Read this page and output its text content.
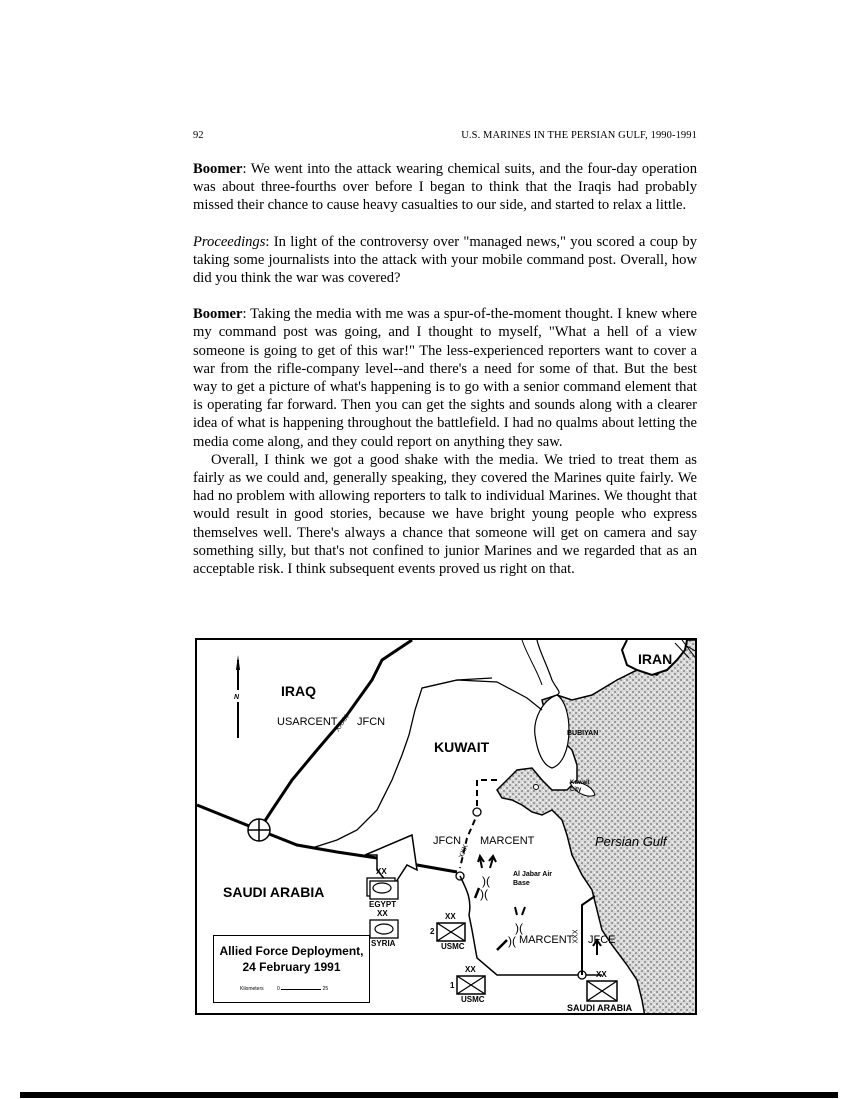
92	U.S. MARINES IN THE PERSIAN GULF, 1990-1991

Boomer: We went into the attack wearing chemical suits, and the four-day operation was about three-fourths over before I began to think that the Iraqis had probably missed their chance to cause heavy casualties to our side, and started to relax a little.

Proceedings: In light of the controversy over "managed news," you scored a coup by taking some journalists into the attack with your mobile command post. Overall, how did you think the war was covered?

Boomer: Taking the media with me was a spur-of-the-moment thought. I knew where my command post was going, and I thought to myself, "What a hell of a view someone is going to get of this war!" The less-experienced reporters want to cover a war from the rifle-company level--and there's a need for some of that. But the best way to get a picture of what's happening is to go with a senior command element that is operating far forward. Then you can get the sights and sounds along with a clearer idea of what is happening throughout the battlefield. I had no qualms about letting the media come along, and they could report on anything they saw.

Overall, I think we got a good shake with the media. We tried to treat them as fairly as we could and, generally speaking, they covered the Marines quite fairly. We had no problem with allowing reporters to talk to individual Marines. We thought that would result in good stories, because we have bright young people who express themselves well. There's always a chance that someone will get on camera and say something silly, but that's not confined to junior Marines and we regarded that as an acceptable risk. I think subsequent events proved us right on that.

)(
)(
)(
)(
IRAQ
IRAN
KUWAIT
SAUDI ARABIA
BUBIYAN
Kuwait City
Persian Gulf
Al Jabar Air Base
USARCENT
XXXX JFCN
JFCN
XXX
MARCENT
MARCENT XXX JFCE
N
XX
EGYPT
XX
SYRIA
XX
2
USMC
XX
1
USMC
XX
SAUDI ARABIA
Allied Force Deployment,
24 February 1991
Kilometers	0	25
